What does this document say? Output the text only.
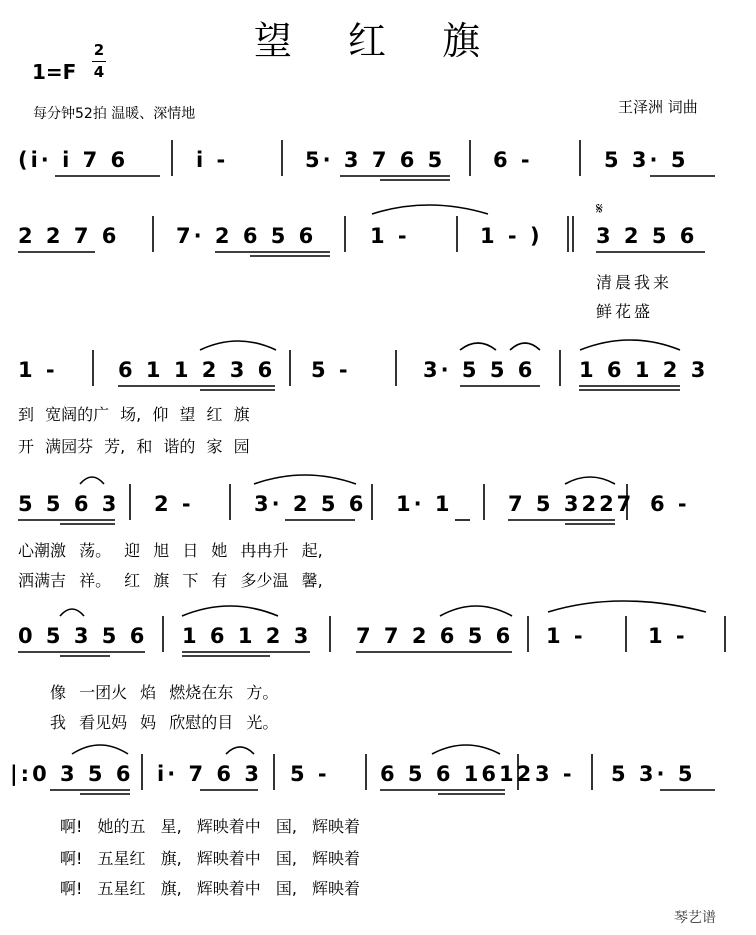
望 红 旗
1=F
2
4
每分钟52拍 温暖、深情地	王泽洲 词曲
(i· i 7 6	i -	5· 3 7 6 5 6 -	5 3· 5
2 2 7 6	7· 2 6 5 6	1 -	1 - )	3 2 5 6
清晨我来
鲜花盛
1 -	6 1 1 2 3 6 5 -	3· 5 5 6 1 6 1 2 3
到 宽阔的广 场, 仰 望 红 旗
开 满园芬 芳, 和 谐的 家 园
5 5 6 3 2 -	3· 2 5 6 1· 1	7 5 3227 6 -
心潮激 荡。 迎 旭 日 她 冉冉升 起,
洒满吉 祥。 红 旗 下 有 多少温 馨,
0 5 3 5 6 1 6 1 2 3 7 7 2 6 5 6 1 -	1 -
像 一团火 焰 燃烧在东 方。
我 看见妈 妈 欣慰的目 光。
|:0 3 5 6 i· 7 6 3 5 - 6 5 6 1612 3 - 5 3· 5
啊! 她的五 星, 辉映着中 国, 辉映着
啊! 五星红 旗, 辉映着中 国, 辉映着
啊! 五星红 旗, 辉映着中 国, 辉映着
𝄋
琴艺谱
